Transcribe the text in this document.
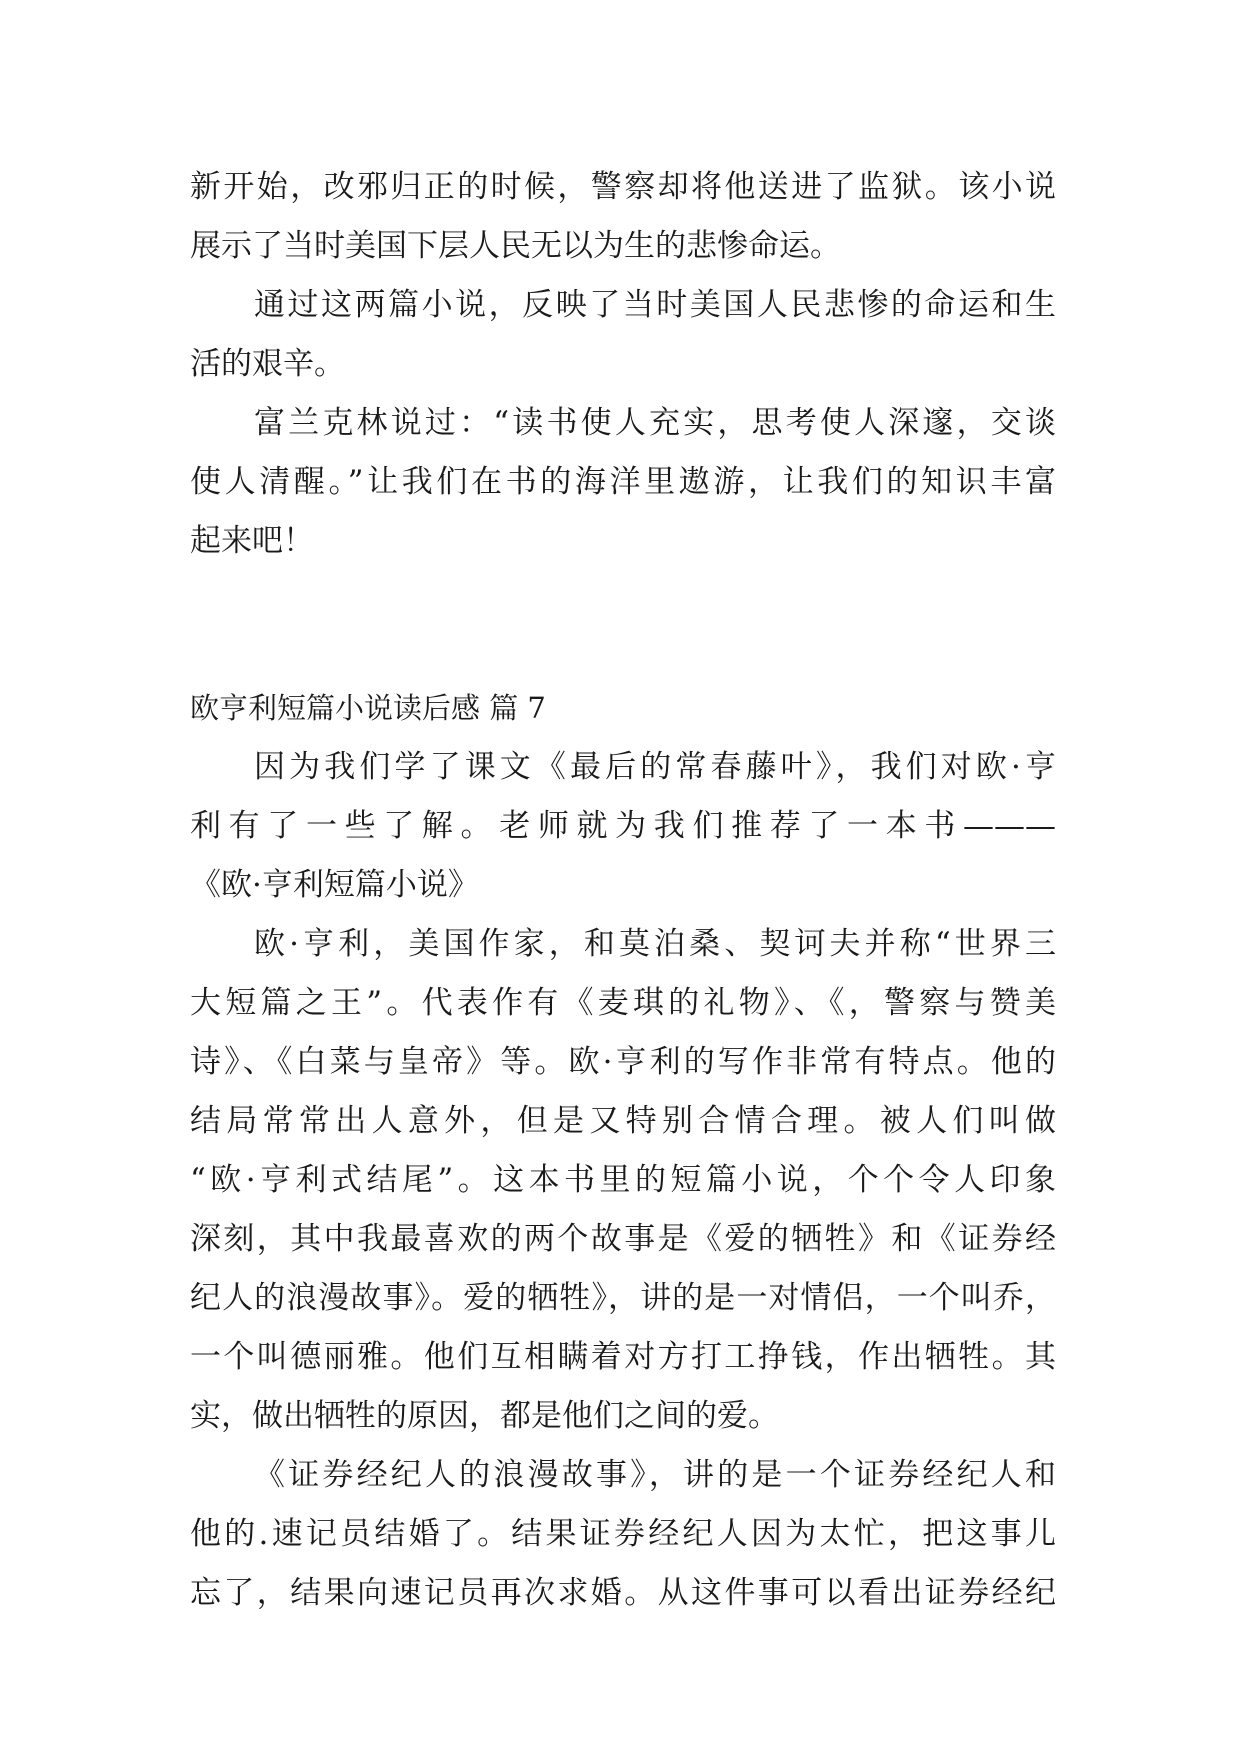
新开始，改邪归正的时候，警察却将他送进了监狱。该小说
展示了当时美国下层人民无以为生的悲惨命运。
通过这两篇小说，反映了当时美国人民悲惨的命运和生
活的艰辛。
富兰克林说过：“读书使人充实，思考使人深邃，交谈
使人清醒。”让我们在书的海洋里遨游，让我们的知识丰富
起来吧！
欧亨利短篇小说读后感 篇 7
因为我们学了课文《最后的常春藤叶》，我们对欧·亨
利有了一些了解。老师就为我们推荐了一本书———
《欧·亨利短篇小说》
欧·亨利，美国作家，和莫泊桑、契诃夫并称“世界三
大短篇之王”。代表作有《麦琪的礼物》、《，警察与赞美
诗》、《白菜与皇帝》等。欧·亨利的写作非常有特点。他的
结局常常出人意外，但是又特别合情合理。被人们叫做
“欧·亨利式结尾”。这本书里的短篇小说，个个令人印象
深刻，其中我最喜欢的两个故事是《爱的牺牲》和《证券经
纪人的浪漫故事》。爱的牺牲》，讲的是一对情侣，一个叫乔，
一个叫德丽雅。他们互相瞒着对方打工挣钱，作出牺牲。其
实，做出牺牲的原因，都是他们之间的爱。
《证券经纪人的浪漫故事》，讲的是一个证券经纪人和
他的.速记员结婚了。结果证券经纪人因为太忙，把这事儿
忘了，结果向速记员再次求婚。从这件事可以看出证券经纪
